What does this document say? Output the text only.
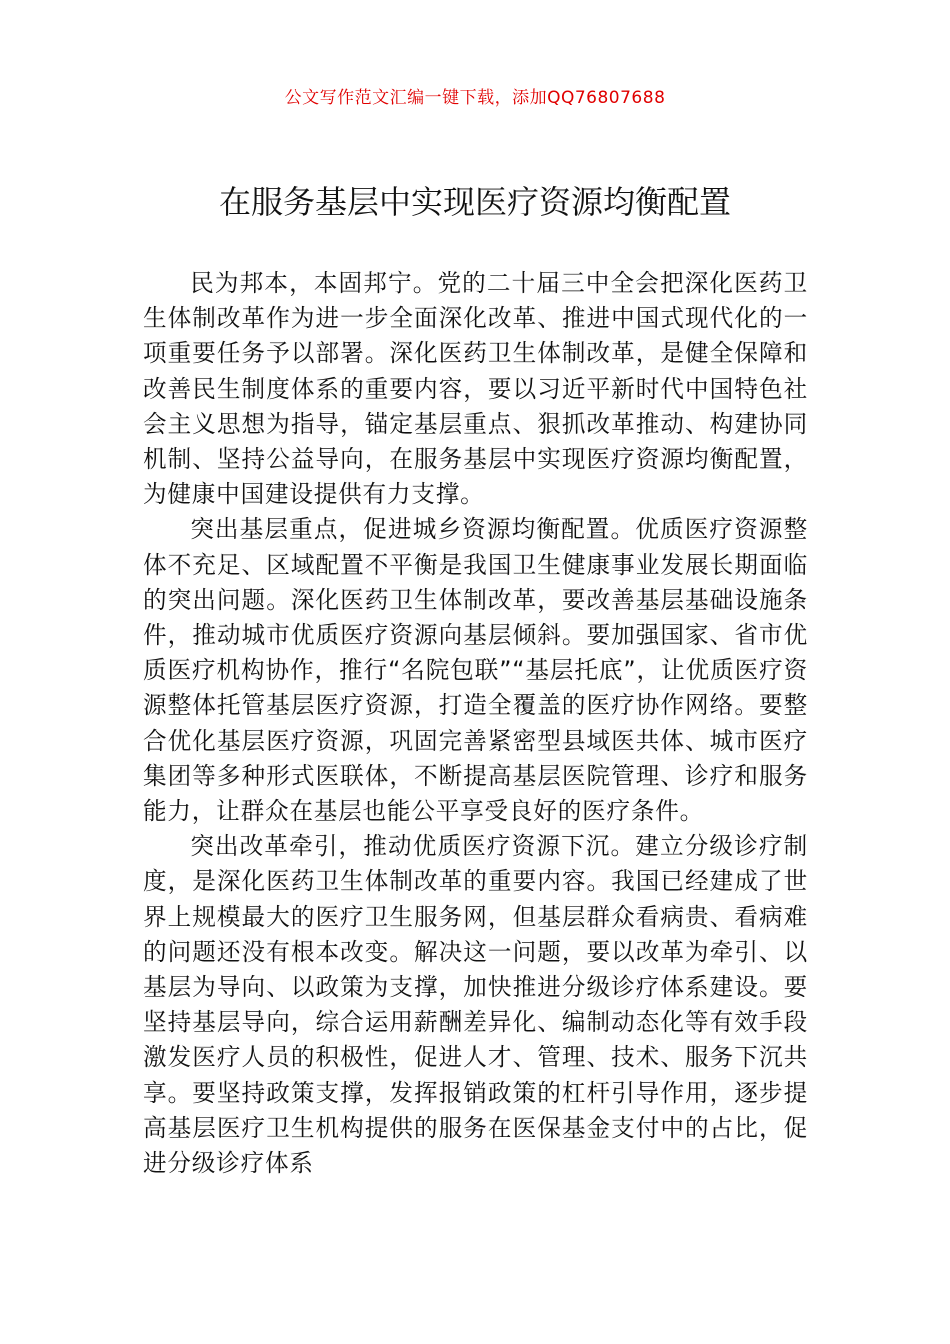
公文写作范文汇编一键下载，添加QQ76807688
在服务基层中实现医疗资源均衡配置

民为邦本，本固邦宁。党的二十届三中全会把深化医药卫生体制改革作为进一步全面深化改革、推进中国式现代化的一项重要任务予以部署。深化医药卫生体制改革，是健全保障和改善民生制度体系的重要内容，要以习近平新时代中国特色社会主义思想为指导，锚定基层重点、狠抓改革推动、构建协同机制、坚持公益导向，在服务基层中实现医疗资源均衡配置，为健康中国建设提供有力支撑。

突出基层重点，促进城乡资源均衡配置。优质医疗资源整体不充足、区域配置不平衡是我国卫生健康事业发展长期面临的突出问题。深化医药卫生体制改革，要改善基层基础设施条件，推动城市优质医疗资源向基层倾斜。要加强国家、省市优质医疗机构协作，推行“名院包联”“基层托底”，让优质医疗资源整体托管基层医疗资源，打造全覆盖的医疗协作网络。要整合优化基层医疗资源，巩固完善紧密型县域医共体、城市医疗集团等多种形式医联体，不断提高基层医院管理、诊疗和服务能力，让群众在基层也能公平享受良好的医疗条件。

突出改革牵引，推动优质医疗资源下沉。建立分级诊疗制度，是深化医药卫生体制改革的重要内容。我国已经建成了世界上规模最大的医疗卫生服务网，但基层群众看病贵、看病难的问题还没有根本改变。解决这一问题，要以改革为牵引、以基层为导向、以政策为支撑，加快推进分级诊疗体系建设。要坚持基层导向，综合运用薪酬差异化、编制动态化等有效手段激发医疗人员的积极性，促进人才、管理、技术、服务下沉共享。要坚持政策支撑，发挥报销政策的杠杆引导作用，逐步提高基层医疗卫生机构提供的服务在医保基金支付中的占比，促进分级诊疗体系
